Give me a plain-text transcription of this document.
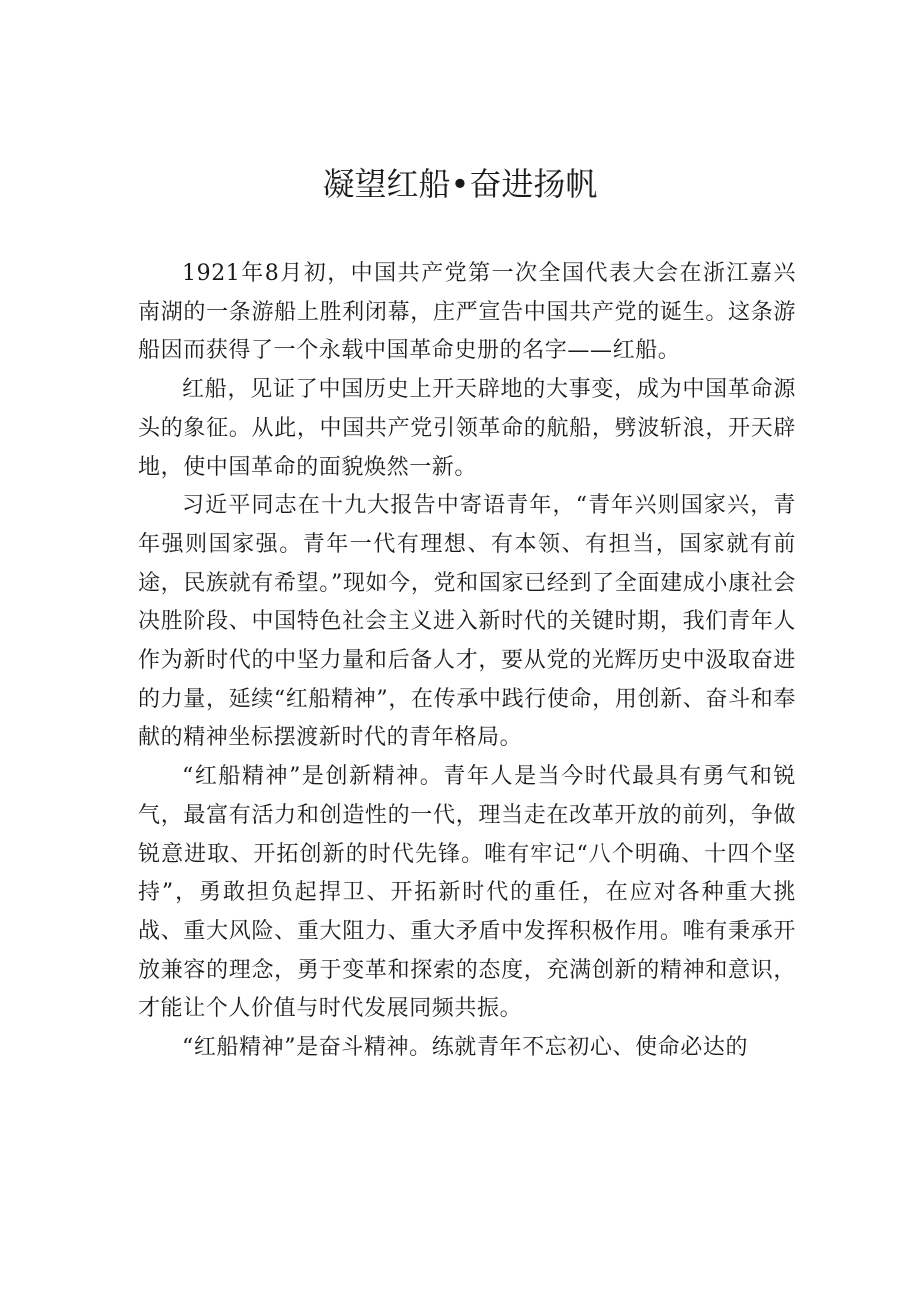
凝望红船•奋进扬帆

1921年8月初，中国共产党第一次全国代表大会在浙江嘉兴南湖的一条游船上胜利闭幕，庄严宣告中国共产党的诞生。这条游船因而获得了一个永载中国革命史册的名字——红船。

红船，见证了中国历史上开天辟地的大事变，成为中国革命源头的象征。从此，中国共产党引领革命的航船，劈波斩浪，开天辟地，使中国革命的面貌焕然一新。

习近平同志在十九大报告中寄语青年，“青年兴则国家兴，青年强则国家强。青年一代有理想、有本领、有担当，国家就有前途，民族就有希望。”现如今，党和国家已经到了全面建成小康社会决胜阶段、中国特色社会主义进入新时代的关键时期，我们青年人作为新时代的中坚力量和后备人才，要从党的光辉历史中汲取奋进的力量，延续“红船精神”，在传承中践行使命，用创新、奋斗和奉献的精神坐标摆渡新时代的青年格局。

“红船精神”是创新精神。青年人是当今时代最具有勇气和锐气，最富有活力和创造性的一代，理当走在改革开放的前列，争做锐意进取、开拓创新的时代先锋。唯有牢记“八个明确、十四个坚持”，勇敢担负起捍卫、开拓新时代的重任，在应对各种重大挑战、重大风险、重大阻力、重大矛盾中发挥积极作用。唯有秉承开放兼容的理念，勇于变革和探索的态度，充满创新的精神和意识，才能让个人价值与时代发展同频共振。

“红船精神”是奋斗精神。练就青年不忘初心、使命必达的
